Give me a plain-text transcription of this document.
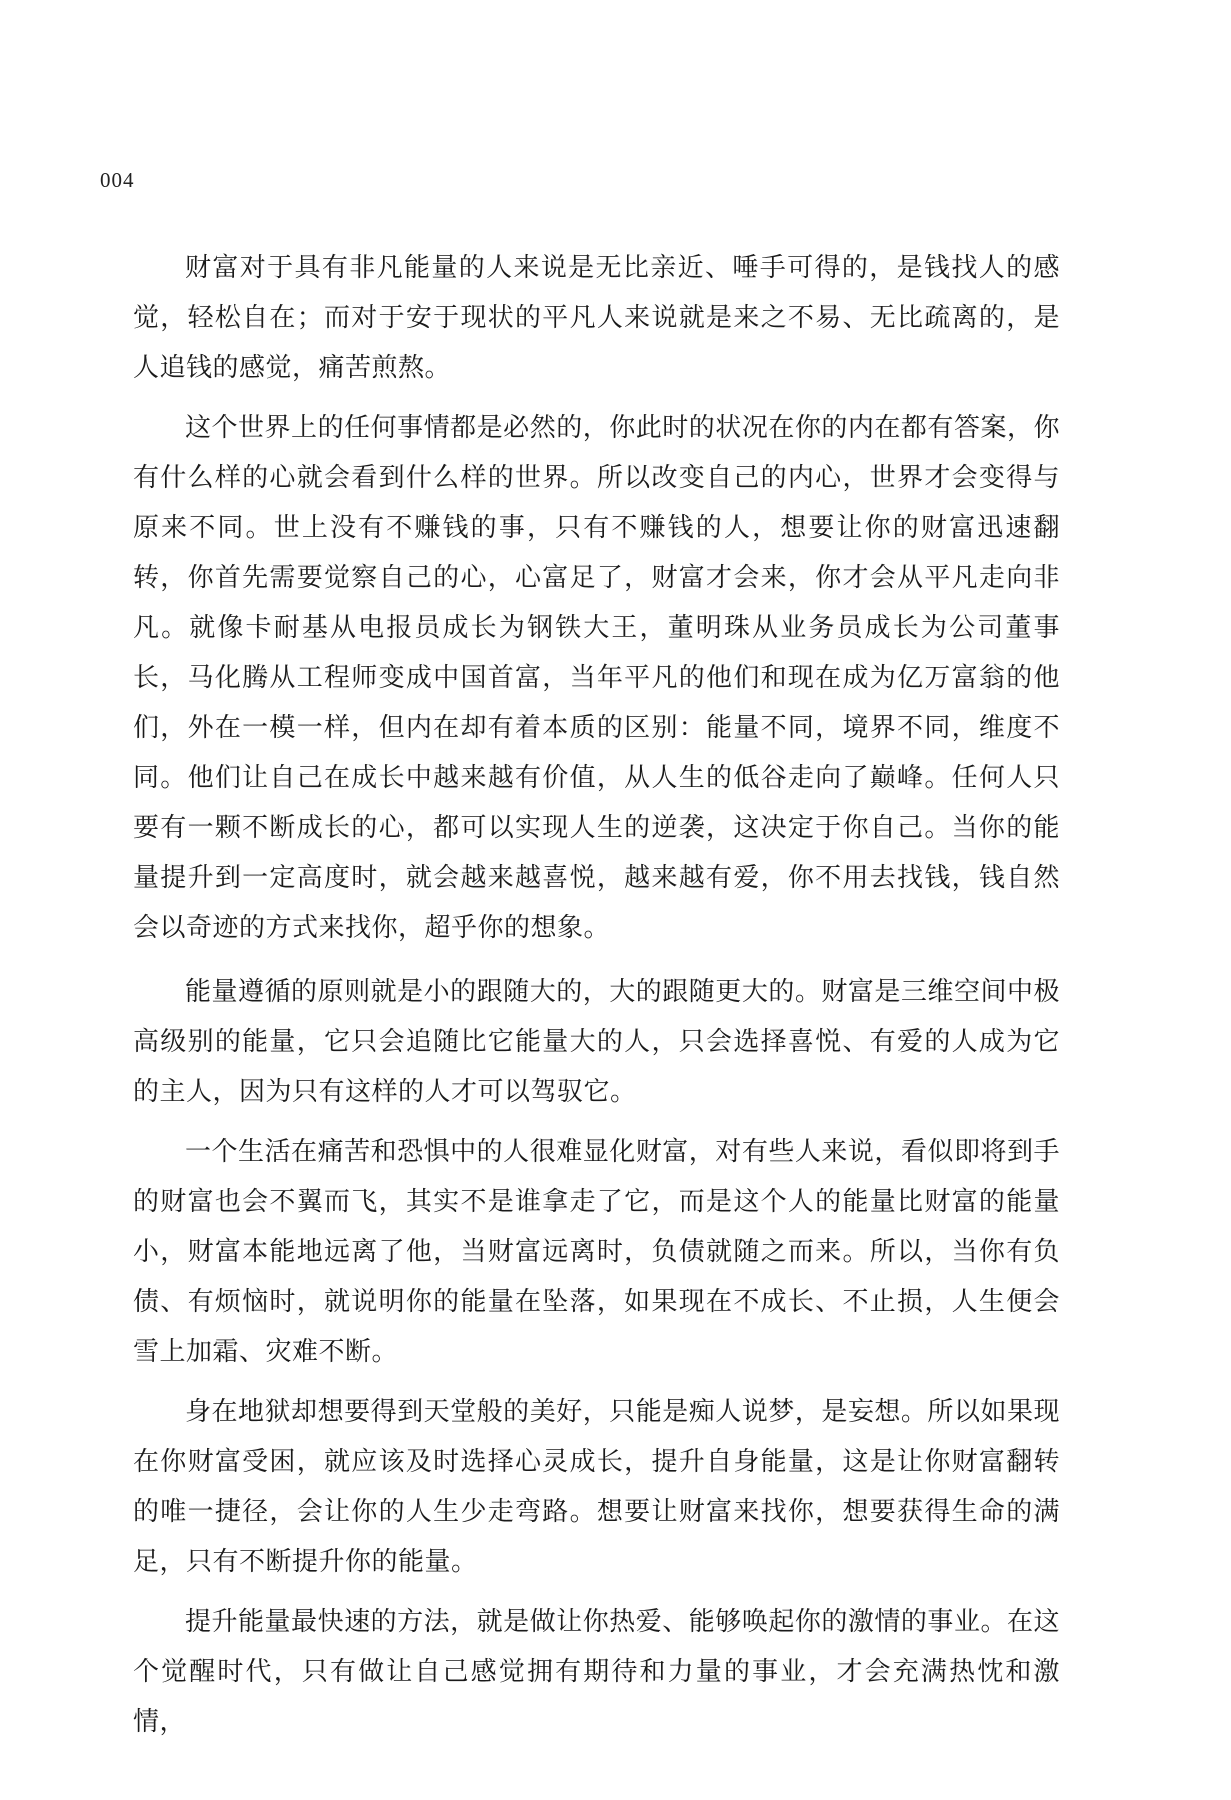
004

财富对于具有非凡能量的人来说是无比亲近、唾手可得的，是钱找人的感觉，轻松自在；而对于安于现状的平凡人来说就是来之不易、无比疏离的，是人追钱的感觉，痛苦煎熬。

这个世界上的任何事情都是必然的，你此时的状况在你的内在都有答案，你有什么样的心就会看到什么样的世界。所以改变自己的内心，世界才会变得与原来不同。世上没有不赚钱的事，只有不赚钱的人，想要让你的财富迅速翻转，你首先需要觉察自己的心，心富足了，财富才会来，你才会从平凡走向非凡。就像卡耐基从电报员成长为钢铁大王，董明珠从业务员成长为公司董事长，马化腾从工程师变成中国首富，当年平凡的他们和现在成为亿万富翁的他们，外在一模一样，但内在却有着本质的区别：能量不同，境界不同，维度不同。他们让自己在成长中越来越有价值，从人生的低谷走向了巅峰。任何人只要有一颗不断成长的心，都可以实现人生的逆袭，这决定于你自己。当你的能量提升到一定高度时，就会越来越喜悦，越来越有爱，你不用去找钱，钱自然会以奇迹的方式来找你，超乎你的想象。

能量遵循的原则就是小的跟随大的，大的跟随更大的。财富是三维空间中极高级别的能量，它只会追随比它能量大的人，只会选择喜悦、有爱的人成为它的主人，因为只有这样的人才可以驾驭它。

一个生活在痛苦和恐惧中的人很难显化财富，对有些人来说，看似即将到手的财富也会不翼而飞，其实不是谁拿走了它，而是这个人的能量比财富的能量小，财富本能地远离了他，当财富远离时，负债就随之而来。所以，当你有负债、有烦恼时，就说明你的能量在坠落，如果现在不成长、不止损，人生便会雪上加霜、灾难不断。

身在地狱却想要得到天堂般的美好，只能是痴人说梦，是妄想。所以如果现在你财富受困，就应该及时选择心灵成长，提升自身能量，这是让你财富翻转的唯一捷径，会让你的人生少走弯路。想要让财富来找你，想要获得生命的满足，只有不断提升你的能量。

提升能量最快速的方法，就是做让你热爱、能够唤起你的激情的事业。在这个觉醒时代，只有做让自己感觉拥有期待和力量的事业，才会充满热忱和激情，
